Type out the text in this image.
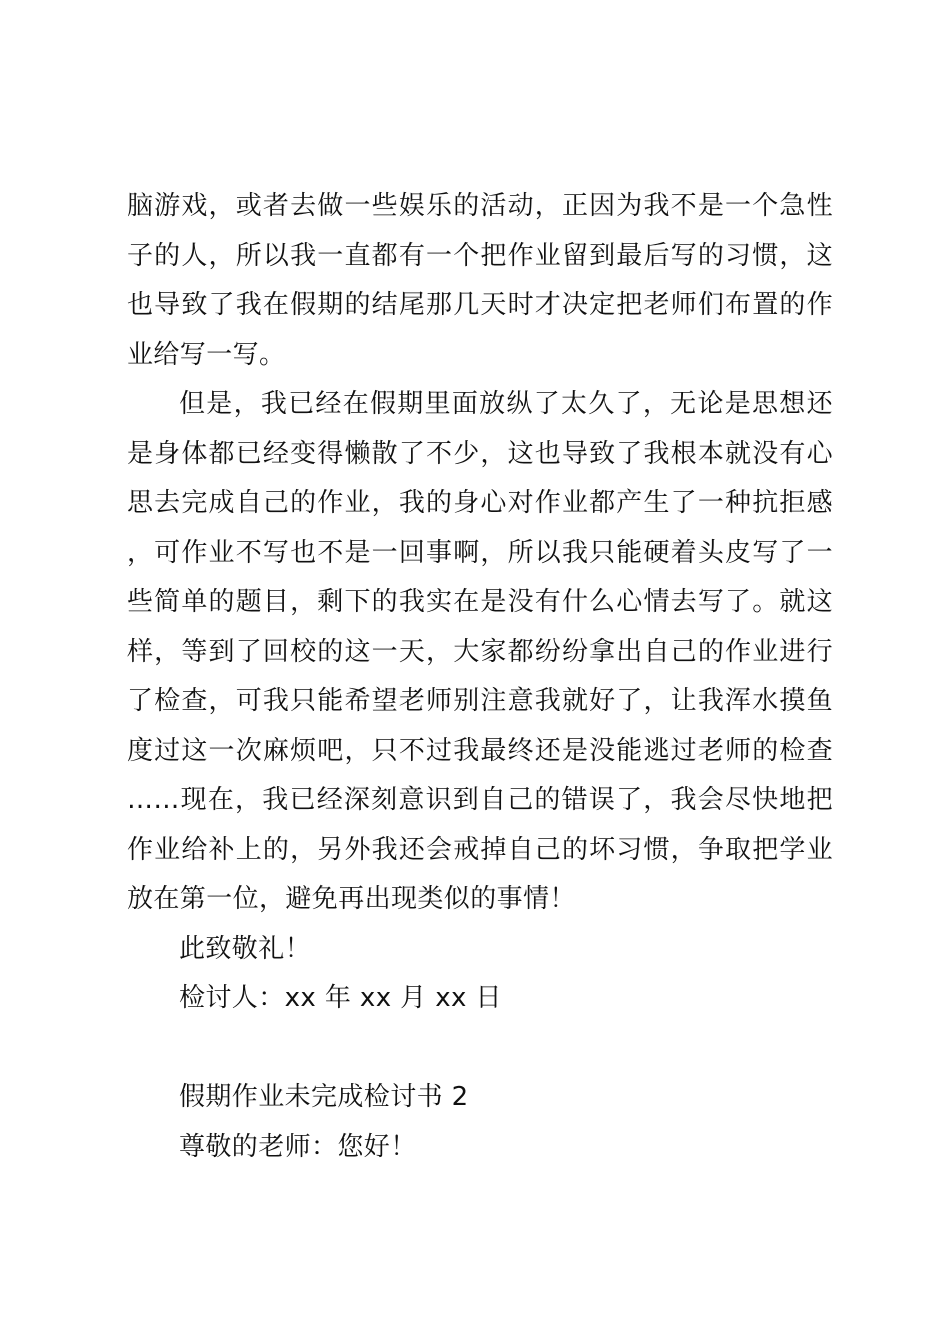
脑游戏，或者去做一些娱乐的活动，正因为我不是一个急性子的人，所以我一直都有一个把作业留到最后写的习惯，这也导致了我在假期的结尾那几天时才决定把老师们布置的作业给写一写。

但是，我已经在假期里面放纵了太久了，无论是思想还是身体都已经变得懒散了不少，这也导致了我根本就没有心思去完成自己的作业，我的身心对作业都产生了一种抗拒感，可作业不写也不是一回事啊，所以我只能硬着头皮写了一些简单的题目，剩下的我实在是没有什么心情去写了。就这样，等到了回校的这一天，大家都纷纷拿出自己的作业进行了检查，可我只能希望老师别注意我就好了，让我浑水摸鱼度过这一次麻烦吧，只不过我最终还是没能逃过老师的检查……现在，我已经深刻意识到自己的错误了，我会尽快地把作业给补上的，另外我还会戒掉自己的坏习惯，争取把学业放在第一位，避免再出现类似的事情！

此致敬礼！
检讨人：xx 年 xx 月 xx 日
假期作业未完成检讨书 2
尊敬的老师：您好！
